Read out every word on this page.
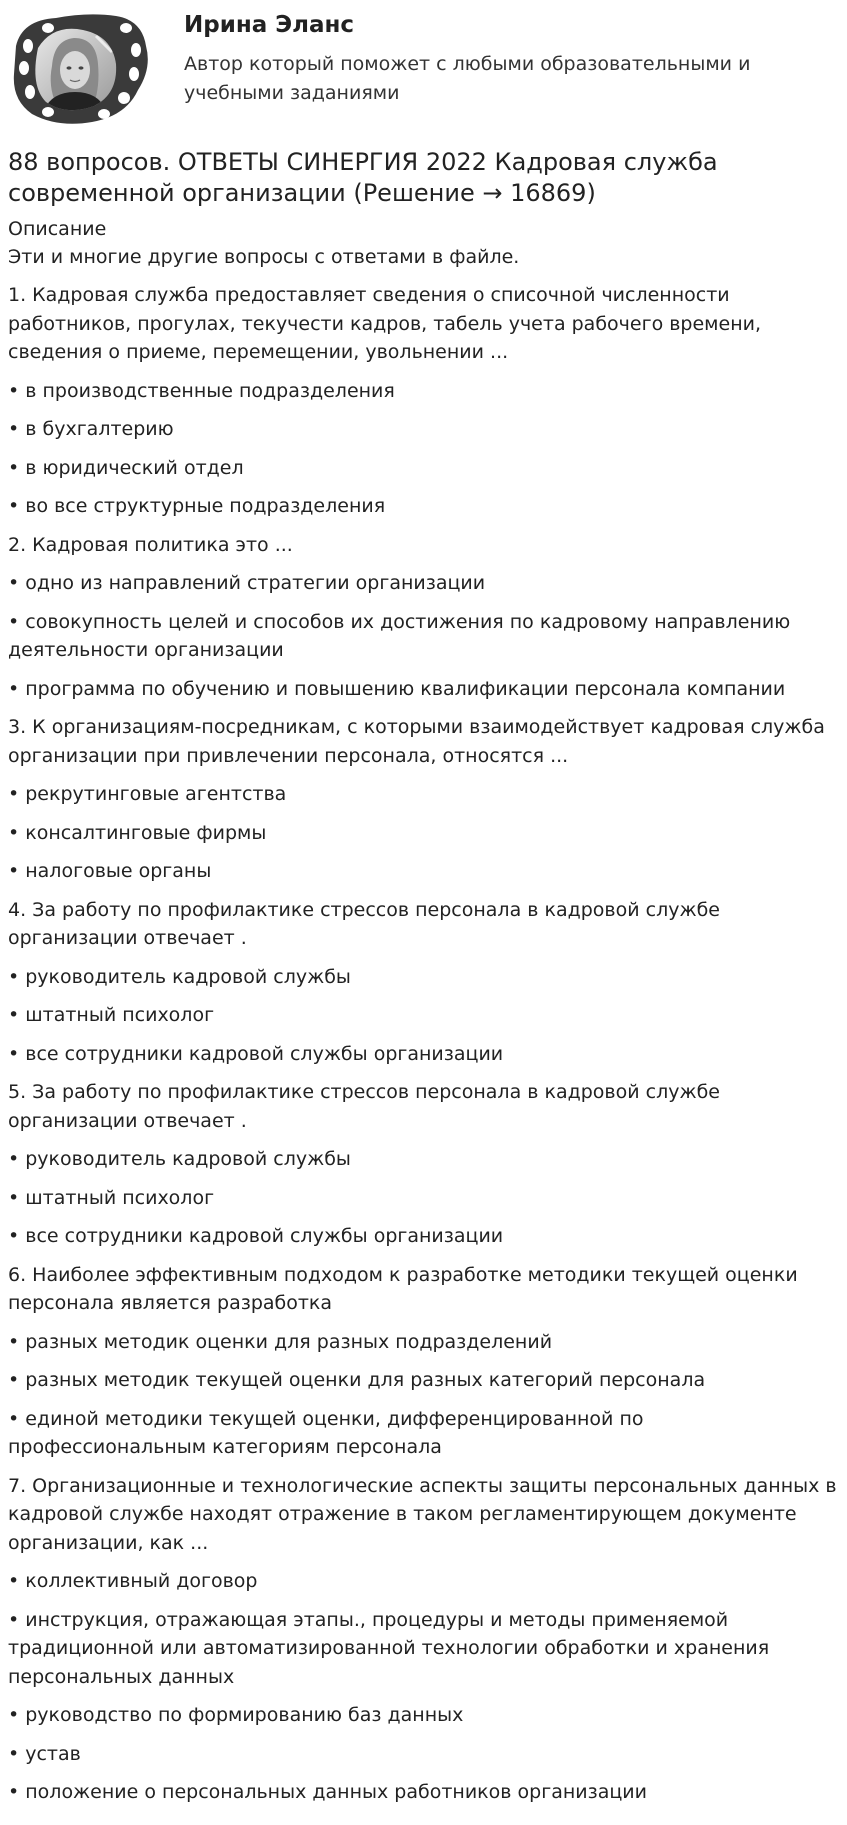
Ирина Эланс

Автор который поможет с любыми образовательными и учебными заданиями

88 вопросов. ОТВЕТЫ СИНЕРГИЯ 2022 Кадровая служба современной организации (Решение → 16869)

Описание

Эти и многие другие вопросы с ответами в файле.

1. Кадровая служба предоставляет сведения о списочной численности работников, прогулах, текучести кадров, табель учета рабочего времени, сведения о приеме, перемещении, увольнении ...

• в производственные подразделения

• в бухгалтерию

• в юридический отдел

• во все структурные подразделения

2. Кадровая политика это ...

• одно из направлений стратегии организации

• совокупность целей и способов их достижения по кадровому направлению деятельности организации

• программа по обучению и повышению квалификации персонала компании

3. К организациям-посредникам, с которыми взаимодействует кадровая служба организации при привлечении персонала, относятся ...

• рекрутинговые агентства

• консалтинговые фирмы

• налоговые органы

4. За работу по профилактике стрессов персонала в кадровой службе организации отвечает .

• руководитель кадровой службы

• штатный психолог

• все сотрудники кадровой службы организации

5. За работу по профилактике стрессов персонала в кадровой службе организации отвечает .

• руководитель кадровой службы

• штатный психолог

• все сотрудники кадровой службы организации

6. Наиболее эффективным подходом к разработке методики текущей оценки персонала является разработка

• разных методик оценки для разных подразделений

• разных методик текущей оценки для разных категорий персонала

• единой методики текущей оценки, дифференцированной по профессиональным категориям персонала

7. Организационные и технологические аспекты защиты персональных данных в кадровой службе находят отражение в таком регламентирующем документе организации, как ...

• коллективный договор

• инструкция, отражающая этапы., процедуры и методы применяемой традиционной или автоматизированной технологии обработки и хранения персональных данных

• руководство по формированию баз данных

• устав

• положение о персональных данных работников организации
